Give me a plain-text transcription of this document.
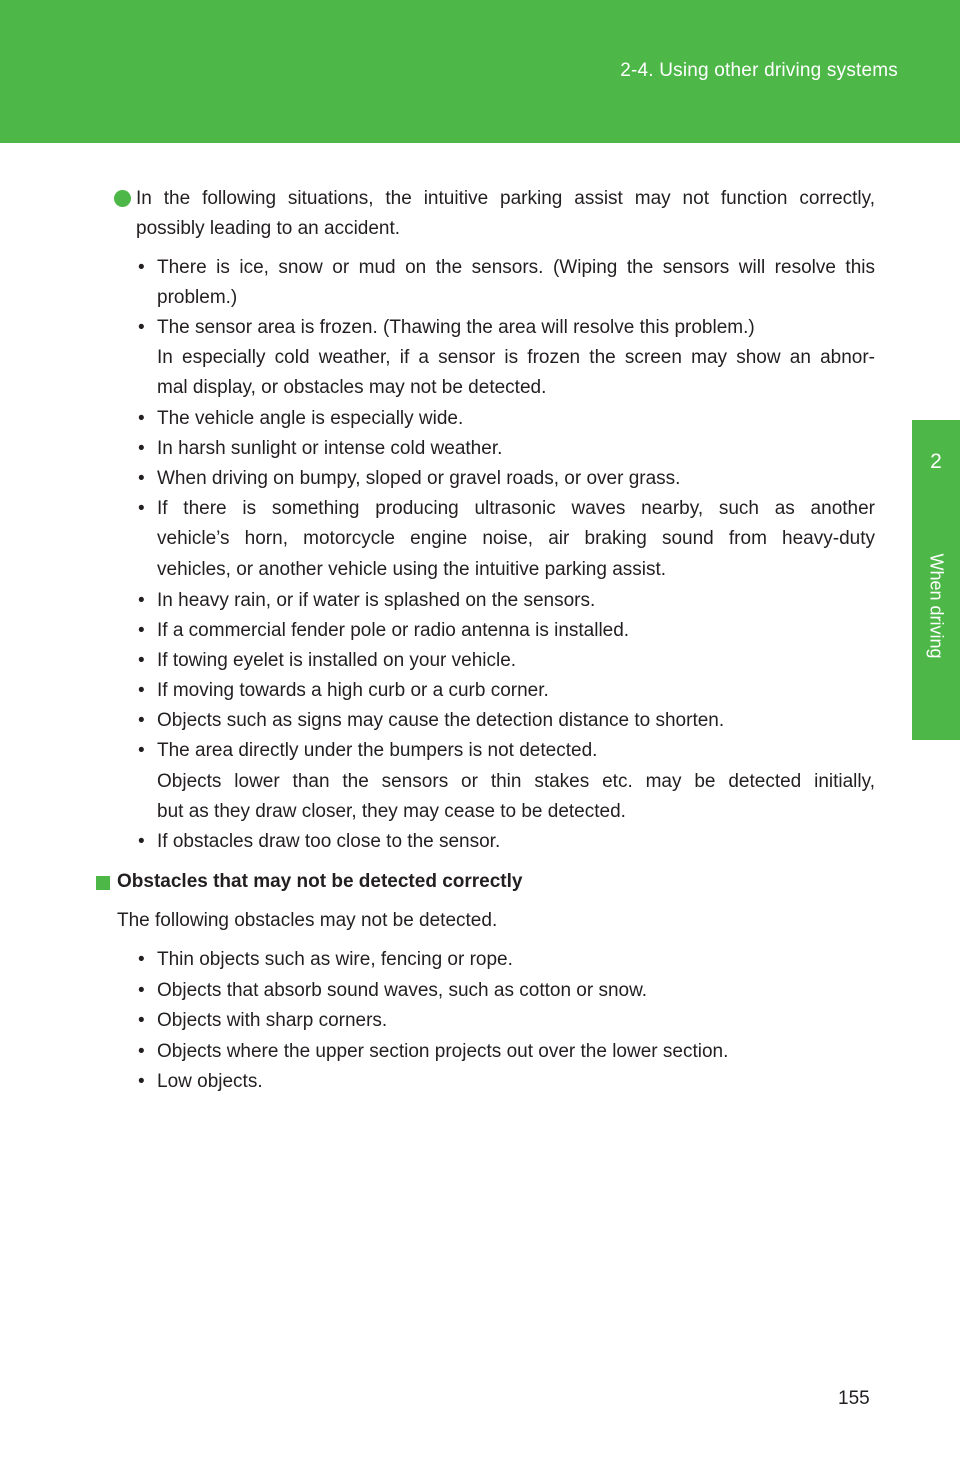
2-4. Using other driving systems
2
When driving
In the following situations, the intuitive parking assist may not function correctly,
possibly leading to an accident.
• There is ice, snow or mud on the sensors. (Wiping the sensors will resolve this
problem.)
• The sensor area is frozen. (Thawing the area will resolve this problem.)
In especially cold weather, if a sensor is frozen the screen may show an abnor-
mal display, or obstacles may not be detected.
• The vehicle angle is especially wide.
• In harsh sunlight or intense cold weather.
• When driving on bumpy, sloped or gravel roads, or over grass.
• If there is something producing ultrasonic waves nearby, such as another
vehicle’s horn, motorcycle engine noise, air braking sound from heavy-duty
vehicles, or another vehicle using the intuitive parking assist.
• In heavy rain, or if water is splashed on the sensors.
• If a commercial fender pole or radio antenna is installed.
• If towing eyelet is installed on your vehicle.
• If moving towards a high curb or a curb corner.
• Objects such as signs may cause the detection distance to shorten.
• The area directly under the bumpers is not detected.
Objects lower than the sensors or thin stakes etc. may be detected initially,
but as they draw closer, they may cease to be detected.
• If obstacles draw too close to the sensor.
Obstacles that may not be detected correctly
The following obstacles may not be detected.
• Thin objects such as wire, fencing or rope.
• Objects that absorb sound waves, such as cotton or snow.
• Objects with sharp corners.
• Objects where the upper section projects out over the lower section.
• Low objects.
155
